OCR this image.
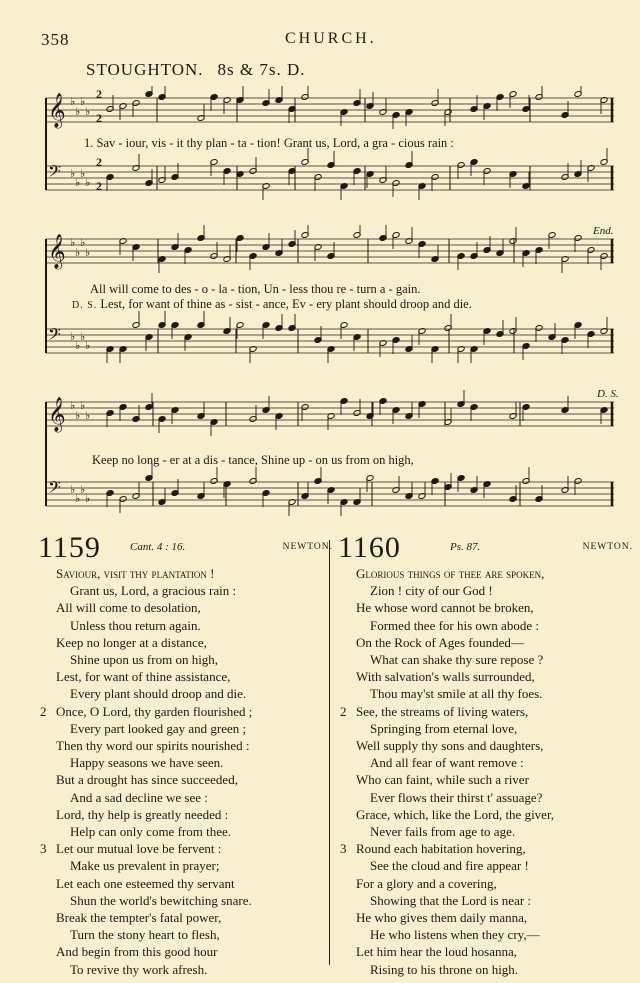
358	CHURCH.
STOUGHTON. 8s & 7s. D.
𝄞 ♭
♭
♭
♭
𝄢 ♭
♭
♭
♭
2
2
2
2
1. Sav - iour, vis - it thy plan - ta - tion! Grant us, Lord, a gra - cious rain :
𝄞 ♭
♭
♭
♭
𝄢 ♭
♭
♭
♭
End.
All will come to des - o - la - tion, Un - less thou re - turn a - gain.
D. S. Lest, for want of thine as - sist - ance, Ev - ery plant should droop and die.
𝄞 ♭
♭
♭
♭
𝄢 ♭
♭
♭
♭
D. S.
Keep no long - er at a dis - tance, Shine up - on us from on high,
1159	Cant. 4 : 16.	NEWTON.
Saviour, visit thy plantation !
Grant us, Lord, a gracious rain :
All will come to desolation,
Unless thou return again.
Keep no longer at a distance,
Shine upon us from on high,
Lest, for want of thine assistance,
Every plant should droop and die.
2 Once, O Lord, thy garden flourished ;
Every part looked gay and green ;
Then thy word our spirits nourished :
Happy seasons we have seen.
But a drought has since succeeded,
And a sad decline we see :
Lord, thy help is greatly needed :
Help can only come from thee.
3 Let our mutual love be fervent :
Make us prevalent in prayer;
Let each one esteemed thy servant
Shun the world's bewitching snare.
Break the tempter's fatal power,
Turn the stony heart to flesh,
And begin from this good hour
To revive thy work afresh.
1160	Ps. 87.	NEWTON.
Glorious things of thee are spoken,
Zion ! city of our God !
He whose word cannot be broken,
Formed thee for his own abode :
On the Rock of Ages founded—
What can shake thy sure repose ?
With salvation's walls surrounded,
Thou may'st smile at all thy foes.
2 See, the streams of living waters,
Springing from eternal love,
Well supply thy sons and daughters,
And all fear of want remove :
Who can faint, while such a river
Ever flows their thirst t' assuage?
Grace, which, like the Lord, the giver,
Never fails from age to age.
3 Round each habitation hovering,
See the cloud and fire appear !
For a glory and a covering,
Showing that the Lord is near :
He who gives them daily manna,
He who listens when they cry,—
Let him hear the loud hosanna,
Rising to his throne on high.
